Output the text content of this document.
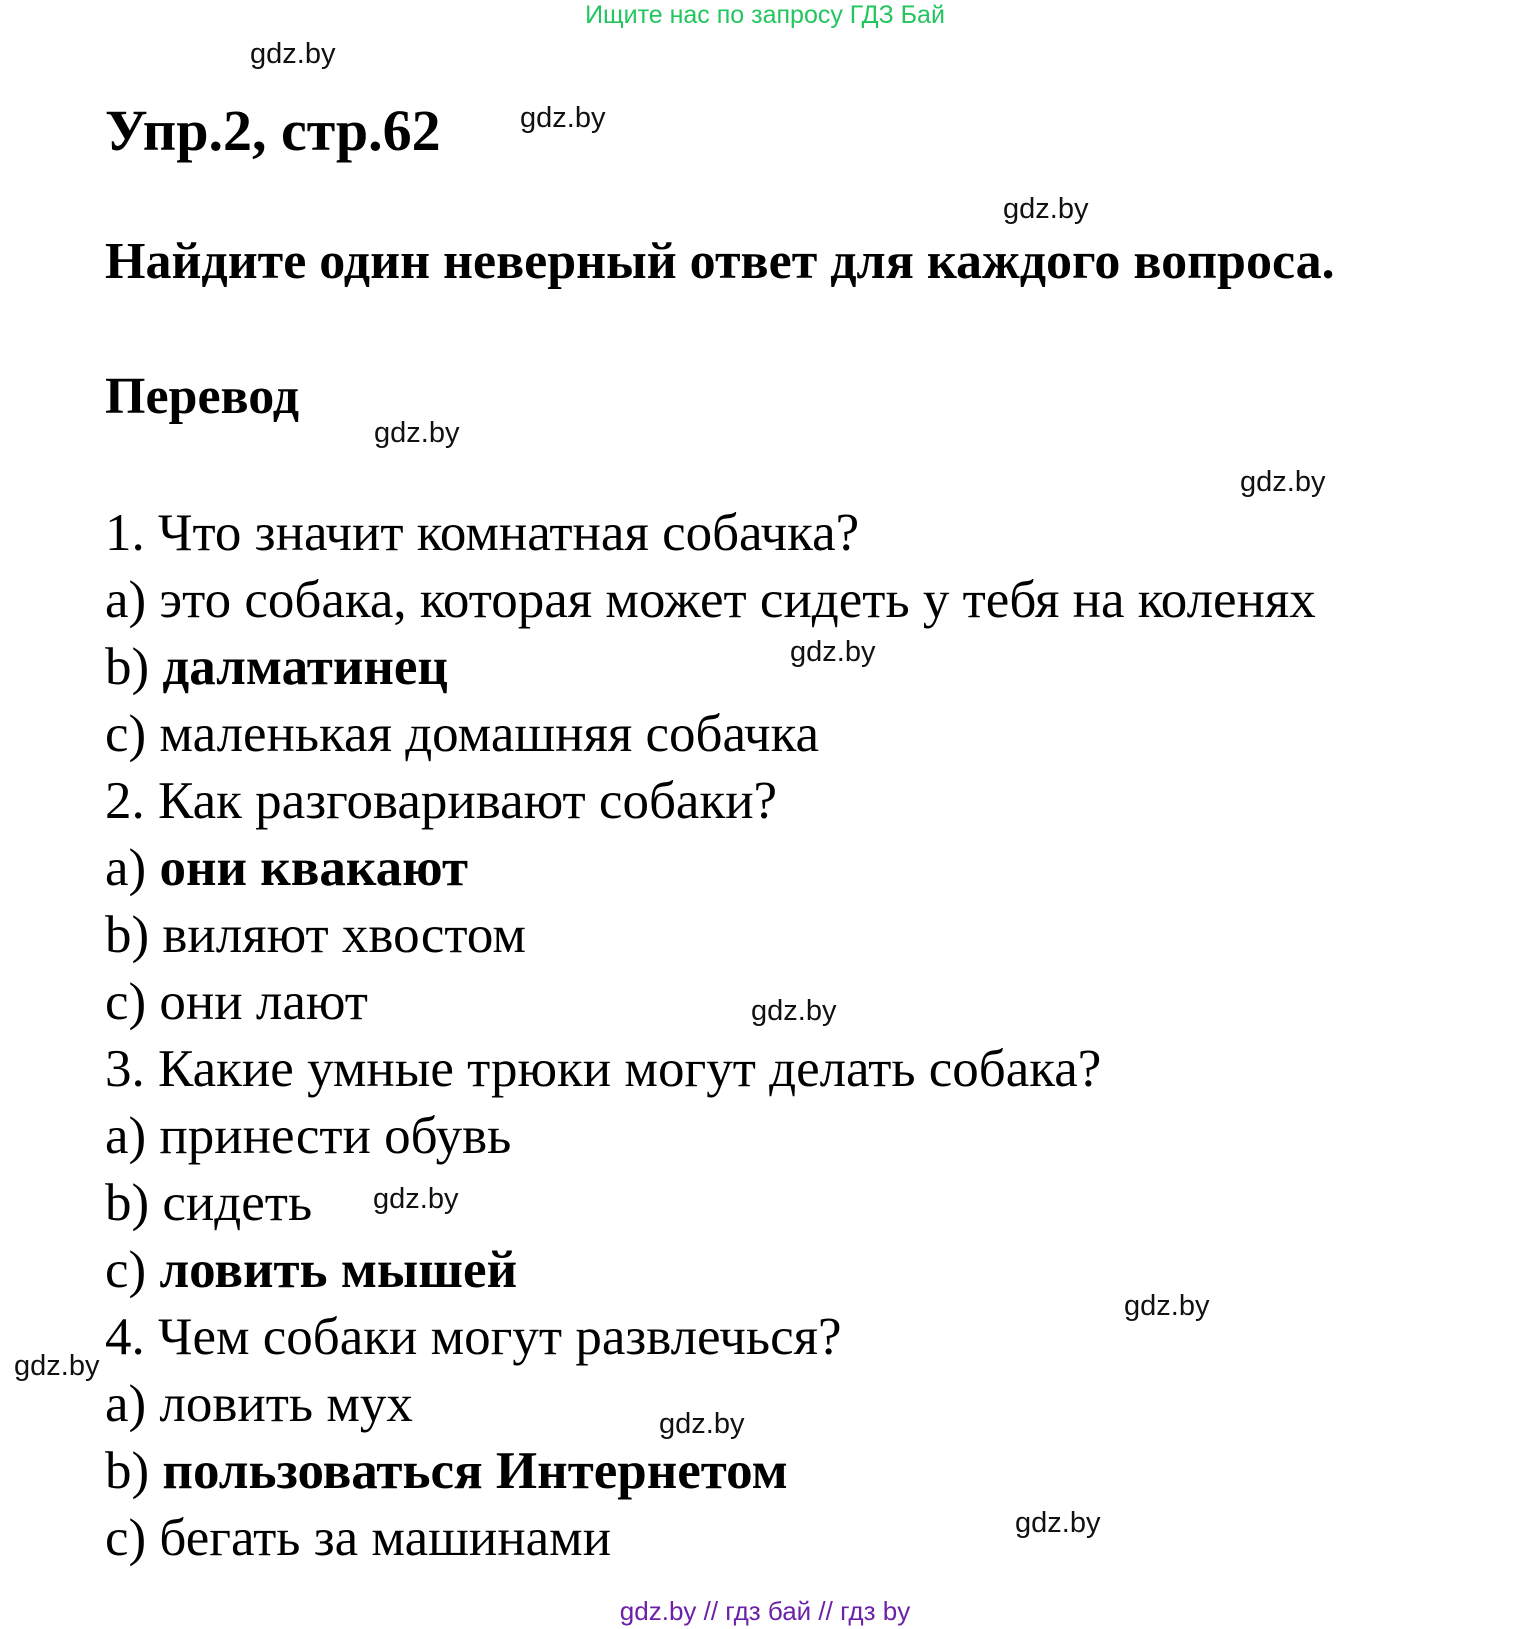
Ищите нас по запросу ГДЗ Бай
Упр.2, стр.62
Найдите один неверный ответ для каждого вопроса.
Перевод
1. Что значит комнатная собачка?
a) это собака, которая может сидеть у тебя на коленях
b) далматинец
c) маленькая домашняя собачка
2. Как разговаривают собаки?
a) они квакают
b) виляют хвостом
c) они лают
3. Какие умные трюки могут делать собака?
a) принести обувь
b) сидеть
c) ловить мышей
4. Чем собаки могут развлечься?
a) ловить мух
b) пользоваться Интернетом
c) бегать за машинами
gdz.by
gdz.by
gdz.by
gdz.by
gdz.by
gdz.by
gdz.by
gdz.by
gdz.by
gdz.by
gdz.by
gdz.by
gdz.by // гдз бай // гдз by
